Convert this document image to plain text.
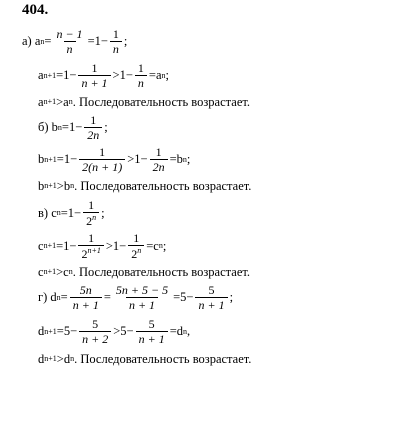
404.
а) a $n = \frac{n - 1}{n} =1- \frac{1}{n}$ ;
a $n+1 =1- \frac{1}{n + 1} >1- \frac{1}{n} =a$ n ;
a n+1 >a n . Последовательность возрастает.
б) b $n =1- \frac{1}{2n}$ ;
b $n+1 =1- \frac{1}{2(n + 1)} >1- \frac{1}{2n} =b$ n ;
b n+1 >b n . Последовательность возрастает.
в) c $n =1- \frac{1}{2^n}$ ;
c $n+1 =1- \frac{1}{2^{n+1}} >1- \frac{1}{2^n} =c$ n ;
c n+1 >c n . Последовательность возрастает.
г) d $n = \frac{5n}{n + 1} = \frac{5n + 5 - 5}{n + 1} =5- \frac{5}{n + 1}$ ;
d $n+1 =5- \frac{5}{n + 2} >5- \frac{5}{n + 1} =d$ n ,
d n+1 >d n . Последовательность возрастает.
